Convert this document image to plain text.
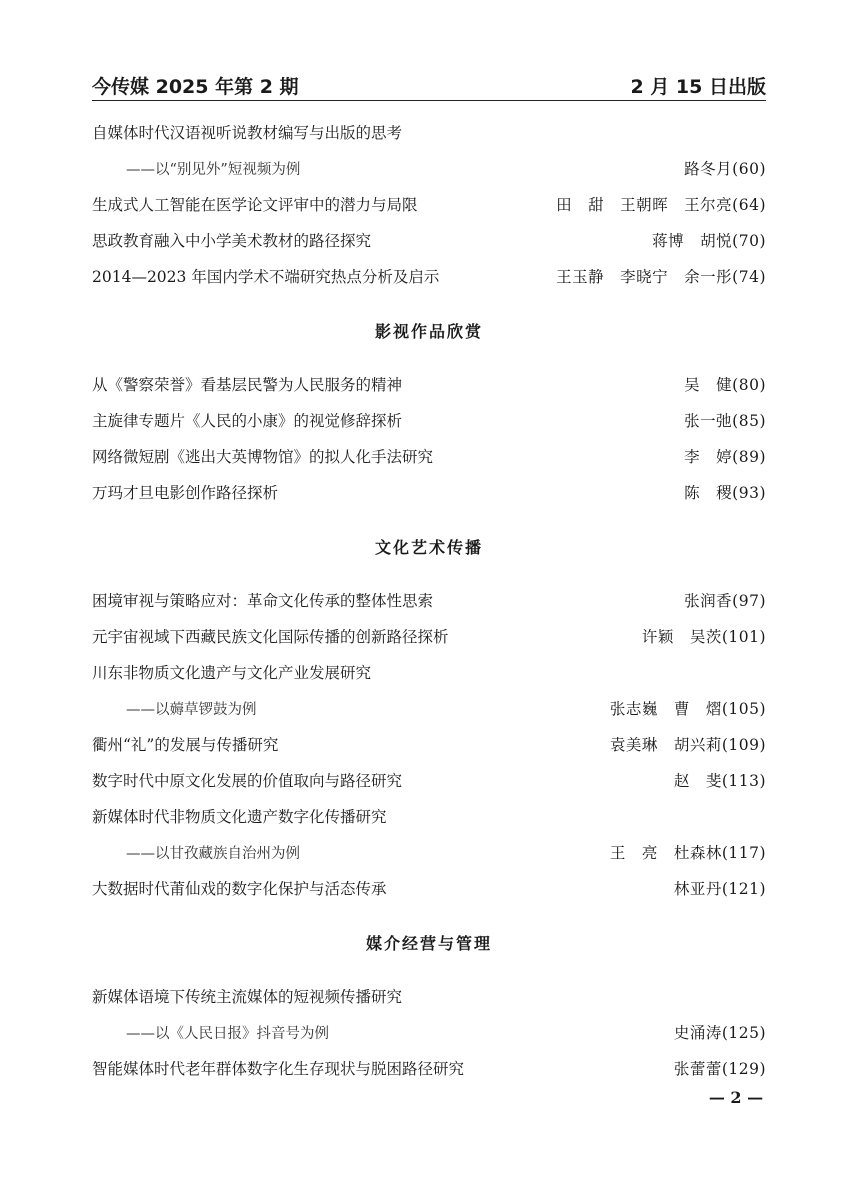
今传媒 2025 年第 2 期	2 月 15 日出版
自媒体时代汉语视听说教材编写与出版的思考
——以“别见外”短视频为例	路冬月(60)
生成式人工智能在医学论文评审中的潜力与局限	田　甜　王朝晖　王尔亮(64)
思政教育融入中小学美术教材的路径探究	蒋博　胡悦(70)
2014—2023 年国内学术不端研究热点分析及启示	王玉静　李晓宁　余一彤(74)
影视作品欣赏
从《警察荣誉》看基层民警为人民服务的精神	吴　健(80)
主旋律专题片《人民的小康》的视觉修辞探析	张一弛(85)
网络微短剧《逃出大英博物馆》的拟人化手法研究	李　婷(89)
万玛才旦电影创作路径探析	陈　稷(93)
文化艺术传播
困境审视与策略应对：革命文化传承的整体性思索	张润香(97)
元宇宙视域下西藏民族文化国际传播的创新路径探析	许颖　吴茨(101)
川东非物质文化遗产与文化产业发展研究
——以薅草锣鼓为例	张志巍　曹　熠(105)
衢州“礼”的发展与传播研究	袁美琳　胡兴莉(109)
数字时代中原文化发展的价值取向与路径研究	赵　斐(113)
新媒体时代非物质文化遗产数字化传播研究
——以甘孜藏族自治州为例	王　亮　杜森林(117)
大数据时代莆仙戏的数字化保护与活态传承	林亚丹(121)
媒介经营与管理
新媒体语境下传统主流媒体的短视频传播研究
——以《人民日报》抖音号为例	史涌涛(125)
智能媒体时代老年群体数字化生存现状与脱困路径研究	张蕾蕾(129)
— 2 —
